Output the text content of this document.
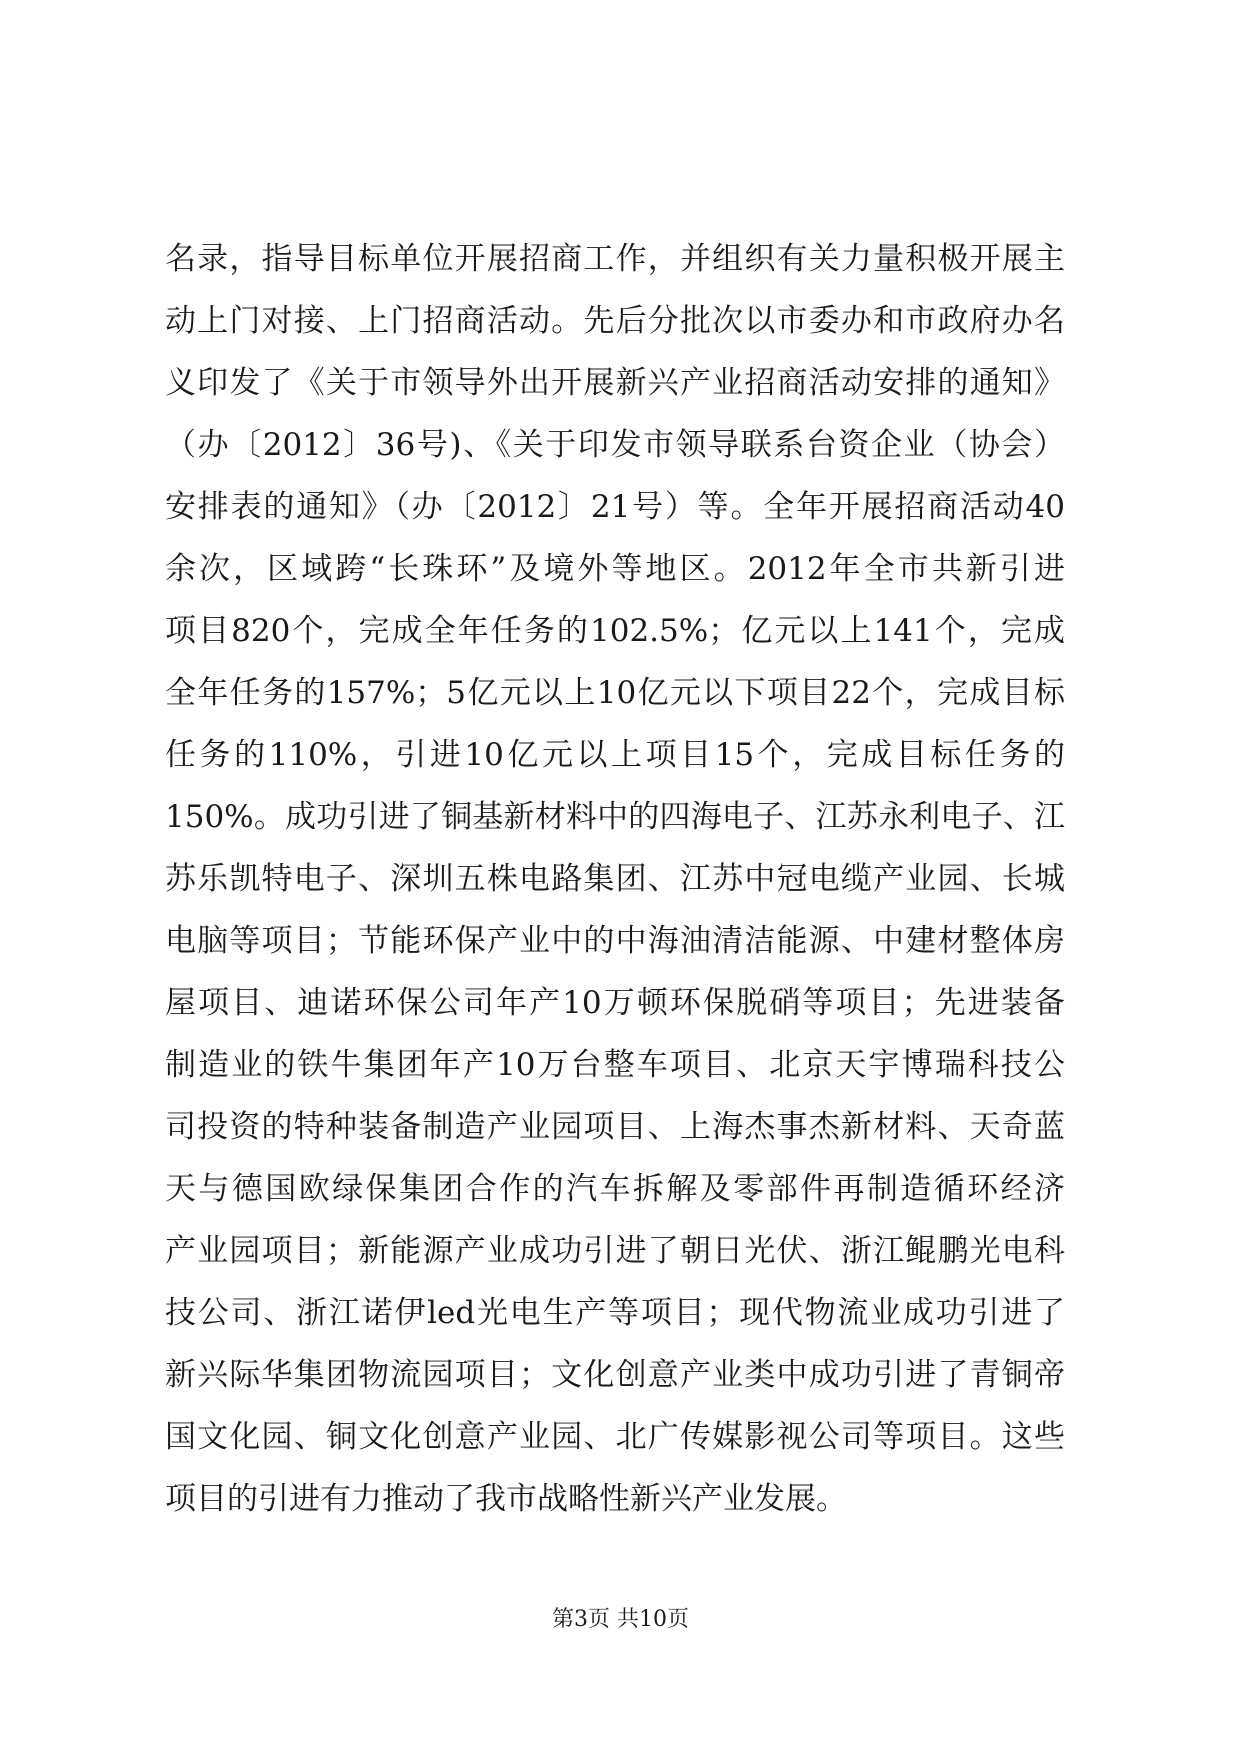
名录，指导目标单位开展招商工作，并组织有关力量积极开展主
动上门对接、上门招商活动。先后分批次以市委办和市政府办名
义印发了《关于市领导外出开展新兴产业招商活动安排的通知》
（办〔2012〕36号)、《关于印发市领导联系台资企业（协会）
安排表的通知》（办〔2012〕21号）等。全年开展招商活动40
余次，区域跨“长珠环”及境外等地区。2012年全市共新引进
项目820个，完成全年任务的102.5%；亿元以上141个，完成
全年任务的157%；5亿元以上10亿元以下项目22个，完成目标
任务的110%，引进10亿元以上项目15个，完成目标任务的
150%。成功引进了铜基新材料中的四海电子、江苏永利电子、江
苏乐凯特电子、深圳五株电路集团、江苏中冠电缆产业园、长城
电脑等项目；节能环保产业中的中海油清洁能源、中建材整体房
屋项目、迪诺环保公司年产10万顿环保脱硝等项目；先进装备
制造业的铁牛集团年产10万台整车项目、北京天宇博瑞科技公
司投资的特种装备制造产业园项目、上海杰事杰新材料、天奇蓝
天与德国欧绿保集团合作的汽车拆解及零部件再制造循环经济
产业园项目；新能源产业成功引进了朝日光伏、浙江鲲鹏光电科
技公司、浙江诺伊led光电生产等项目；现代物流业成功引进了
新兴际华集团物流园项目；文化创意产业类中成功引进了青铜帝
国文化园、铜文化创意产业园、北广传媒影视公司等项目。这些
项目的引进有力推动了我市战略性新兴产业发展。
第3页 共10页
